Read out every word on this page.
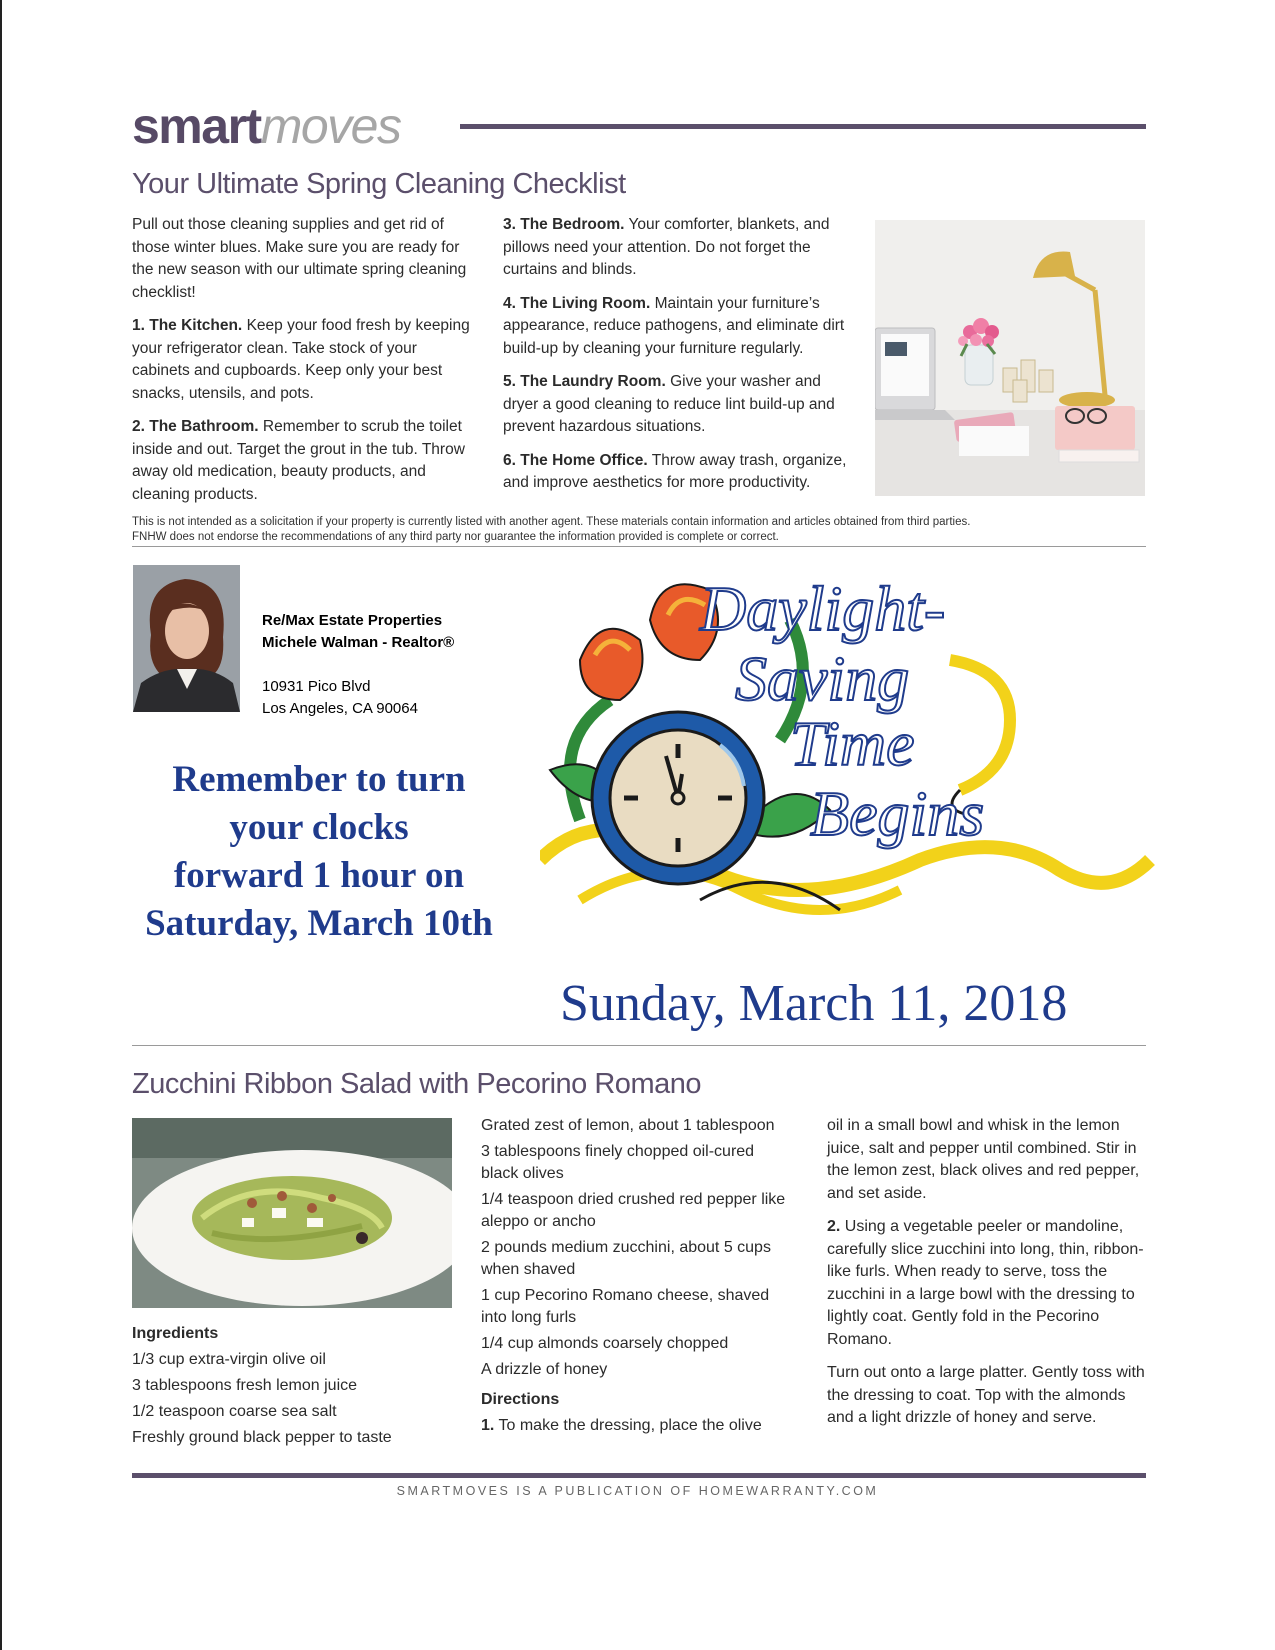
smartmoves
Your Ultimate Spring Cleaning Checklist

Pull out those cleaning supplies and get rid of those winter blues. Make sure you are ready for the new season with our ultimate spring cleaning checklist!

1. The Kitchen. Keep your food fresh by keeping your refrigerator clean. Take stock of your cabinets and cupboards. Keep only your best snacks, utensils, and pots.

2. The Bathroom. Remember to scrub the toilet inside and out. Target the grout in the tub. Throw away old medication, beauty products, and cleaning products.

3. The Bedroom. Your comforter, blankets, and pillows need your attention. Do not forget the curtains and blinds.

4. The Living Room. Maintain your furniture’s appearance, reduce pathogens, and eliminate dirt build-up by cleaning your furniture regularly.

5. The Laundry Room. Give your washer and dryer a good cleaning to reduce lint build-up and prevent hazardous situations.

6. The Home Office. Throw away trash, organize, and improve aesthetics for more productivity.

This is not intended as a solicitation if your property is currently listed with another agent. These materials contain information and articles obtained from third parties.
FNHW does not endorse the recommendations of any third party nor guarantee the information provided is complete or correct.
Re/Max Estate Properties
Michele Walman - Realtor®
10931 Pico Blvd
Los Angeles, CA 90064
Remember to turn
your clocks
forward 1 hour on
Saturday, March 10th
Daylight-
Saving
Time
Begins
Sunday, March 11, 2018
Zucchini Ribbon Salad with Pecorino Romano

Ingredients

1/3 cup extra-virgin olive oil

3 tablespoons fresh lemon juice

1/2 teaspoon coarse sea salt

Freshly ground black pepper to taste

Grated zest of lemon, about 1 tablespoon

3 tablespoons finely chopped oil-cured black olives

1/4 teaspoon dried crushed red pepper like aleppo or ancho

2 pounds medium zucchini, about 5 cups when shaved

1 cup Pecorino Romano cheese, shaved into long furls

1/4 cup almonds coarsely chopped

A drizzle of honey

Directions

1. To make the dressing, place the olive

oil in a small bowl and whisk in the lemon juice, salt and pepper until combined. Stir in the lemon zest, black olives and red pepper, and set aside.

2. Using a vegetable peeler or mandoline, carefully slice zucchini into long, thin, ribbon-like furls. When ready to serve, toss the zucchini in a large bowl with the dressing to lightly coat. Gently fold in the Pecorino Romano.

Turn out onto a large platter. Gently toss with the dressing to coat. Top with the almonds and a light drizzle of honey and serve.

SMARTMOVES IS A PUBLICATION OF HOMEWARRANTY.COM
